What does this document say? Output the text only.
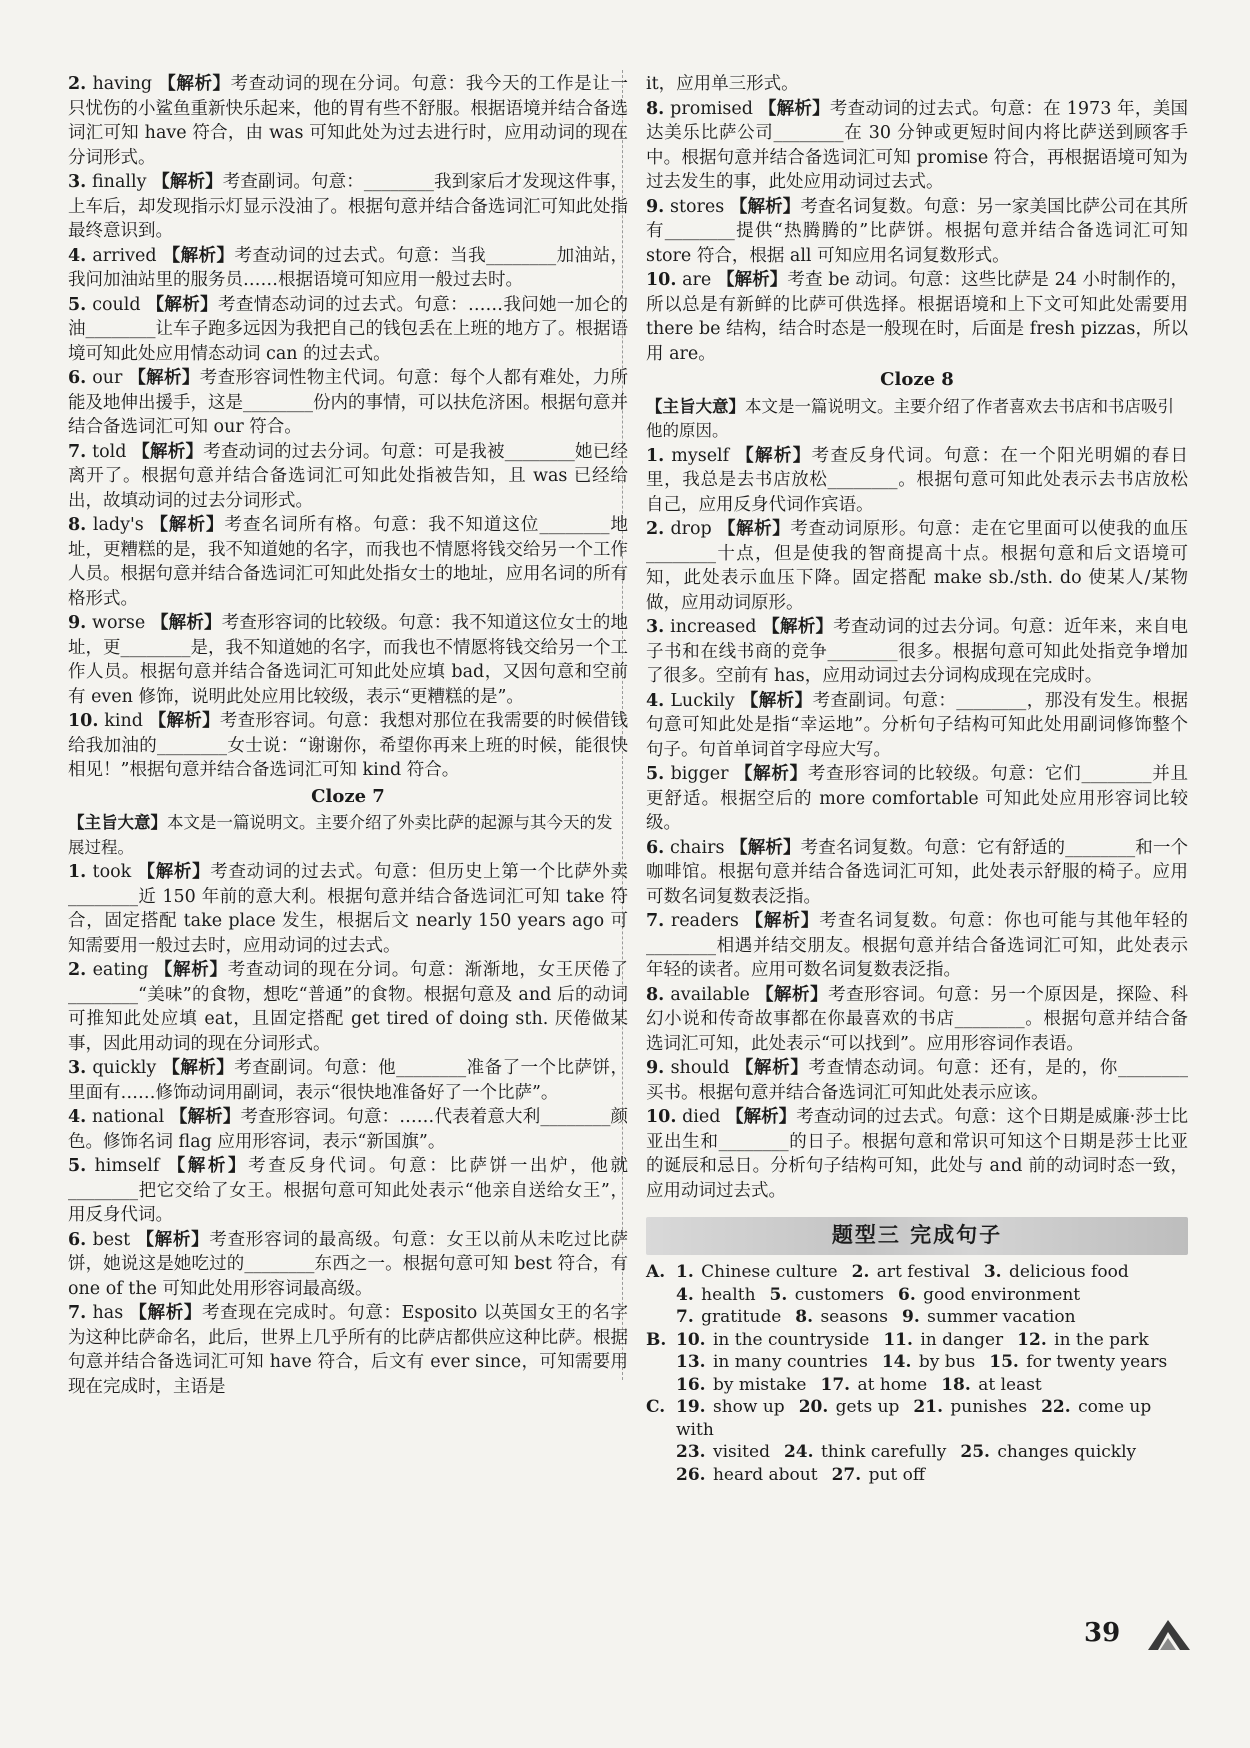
2. having 【解析】考查动词的现在分词。句意：我今天的工作是让一只忧伤的小鲨鱼重新快乐起来，他的胃有些不舒服。根据语境并结合备选词汇可知 have 符合，由 was 可知此处为过去进行时，应用动词的现在分词形式。

3. finally 【解析】考查副词。句意：________我到家后才发现这件事，上车后，却发现指示灯显示没油了。根据句意并结合备选词汇可知此处指最终意识到。

4. arrived 【解析】考查动词的过去式。句意：当我________加油站，我问加油站里的服务员……根据语境可知应用一般过去时。

5. could 【解析】考查情态动词的过去式。句意：……我问她一加仑的油________让车子跑多远因为我把自己的钱包丢在上班的地方了。根据语境可知此处应用情态动词 can 的过去式。

6. our 【解析】考查形容词性物主代词。句意：每个人都有难处，力所能及地伸出援手，这是________份内的事情，可以扶危济困。根据句意并结合备选词汇可知 our 符合。

7. told 【解析】考查动词的过去分词。句意：可是我被________她已经离开了。根据句意并结合备选词汇可知此处指被告知，且 was 已经给出，故填动词的过去分词形式。

8. lady's 【解析】考查名词所有格。句意：我不知道这位________地址，更糟糕的是，我不知道她的名字，而我也不情愿将钱交给另一个工作人员。根据句意并结合备选词汇可知此处指女士的地址，应用名词的所有格形式。

9. worse 【解析】考查形容词的比较级。句意：我不知道这位女士的地址，更________是，我不知道她的名字，而我也不情愿将钱交给另一个工作人员。根据句意并结合备选词汇可知此处应填 bad，又因句意和空前有 even 修饰，说明此处应用比较级，表示“更糟糕的是”。

10. kind 【解析】考查形容词。句意：我想对那位在我需要的时候借钱给我加油的________女士说：“谢谢你，希望你再来上班的时候，能很快相见！”根据句意并结合备选词汇可知 kind 符合。

Cloze 7

【主旨大意】本文是一篇说明文。主要介绍了外卖比萨的起源与其今天的发展过程。

1. took 【解析】考查动词的过去式。句意：但历史上第一个比萨外卖________近 150 年前的意大利。根据句意并结合备选词汇可知 take 符合，固定搭配 take place 发生，根据后文 nearly 150 years ago 可知需要用一般过去时，应用动词的过去式。

2. eating 【解析】考查动词的现在分词。句意：渐渐地，女王厌倦了________“美味”的食物，想吃“普通”的食物。根据句意及 and 后的动词可推知此处应填 eat，且固定搭配 get tired of doing sth. 厌倦做某事，因此用动词的现在分词形式。

3. quickly 【解析】考查副词。句意：他________准备了一个比萨饼，里面有……修饰动词用副词，表示“很快地准备好了一个比萨”。

4. national 【解析】考查形容词。句意：……代表着意大利________颜色。修饰名词 flag 应用形容词，表示“新国旗”。

5. himself 【解析】考查反身代词。句意：比萨饼一出炉，他就________把它交给了女王。根据句意可知此处表示“他亲自送给女王”，用反身代词。

6. best 【解析】考查形容词的最高级。句意：女王以前从未吃过比萨饼，她说这是她吃过的________东西之一。根据句意可知 best 符合，有 one of the 可知此处用形容词最高级。

7. has 【解析】考查现在完成时。句意：Esposito 以英国女王的名字为这种比萨命名，此后，世界上几乎所有的比萨店都供应这种比萨。根据句意并结合备选词汇可知 have 符合，后文有 ever since，可知需要用现在完成时，主语是

it，应用单三形式。

8. promised 【解析】考查动词的过去式。句意：在 1973 年，美国达美乐比萨公司________在 30 分钟或更短时间内将比萨送到顾客手中。根据句意并结合备选词汇可知 promise 符合，再根据语境可知为过去发生的事，此处应用动词过去式。

9. stores 【解析】考查名词复数。句意：另一家美国比萨公司在其所有________提供“热腾腾的”比萨饼。根据句意并结合备选词汇可知 store 符合，根据 all 可知应用名词复数形式。

10. are 【解析】考查 be 动词。句意：这些比萨是 24 小时制作的，所以总是有新鲜的比萨可供选择。根据语境和上下文可知此处需要用 there be 结构，结合时态是一般现在时，后面是 fresh pizzas，所以用 are。

Cloze 8

【主旨大意】本文是一篇说明文。主要介绍了作者喜欢去书店和书店吸引他的原因。

1. myself 【解析】考查反身代词。句意：在一个阳光明媚的春日里，我总是去书店放松________。根据句意可知此处表示去书店放松自己，应用反身代词作宾语。

2. drop 【解析】考查动词原形。句意：走在它里面可以使我的血压________十点，但是使我的智商提高十点。根据句意和后文语境可知，此处表示血压下降。固定搭配 make sb./sth. do 使某人/某物做，应用动词原形。

3. increased 【解析】考查动词的过去分词。句意：近年来，来自电子书和在线书商的竞争________很多。根据句意可知此处指竞争增加了很多。空前有 has，应用动词过去分词构成现在完成时。

4. Luckily 【解析】考查副词。句意：________，那没有发生。根据句意可知此处是指“幸运地”。分析句子结构可知此处用副词修饰整个句子。句首单词首字母应大写。

5. bigger 【解析】考查形容词的比较级。句意：它们________并且更舒适。根据空后的 more comfortable 可知此处应用形容词比较级。

6. chairs 【解析】考查名词复数。句意：它有舒适的________和一个咖啡馆。根据句意并结合备选词汇可知，此处表示舒服的椅子。应用可数名词复数表泛指。

7. readers 【解析】考查名词复数。句意：你也可能与其他年轻的________相遇并结交朋友。根据句意并结合备选词汇可知，此处表示年轻的读者。应用可数名词复数表泛指。

8. available 【解析】考查形容词。句意：另一个原因是，探险、科幻小说和传奇故事都在你最喜欢的书店________。根据句意并结合备选词汇可知，此处表示“可以找到”。应用形容词作表语。

9. should 【解析】考查情态动词。句意：还有，是的，你________买书。根据句意并结合备选词汇可知此处表示应该。

10. died 【解析】考查动词的过去式。句意：这个日期是威廉·莎士比亚出生和________的日子。根据句意和常识可知这个日期是莎士比亚的诞辰和忌日。分析句子结构可知，此处与 and 前的动词时态一致，应用动词过去式。

题型三 完成句子
A. 1. Chinese culture 2. art festival 3. delicious food
4. health 5. customers 6. good environment
7. gratitude 8. seasons 9. summer vacation
B. 10. in the countryside 11. in danger 12. in the park
13. in many countries 14. by bus 15. for twenty years
16. by mistake 17. at home 18. at least
C. 19. show up 20. gets up 21. punishes 22. come up with
23. visited 24. think carefully 25. changes quickly
26. heard about 27. put off
39
